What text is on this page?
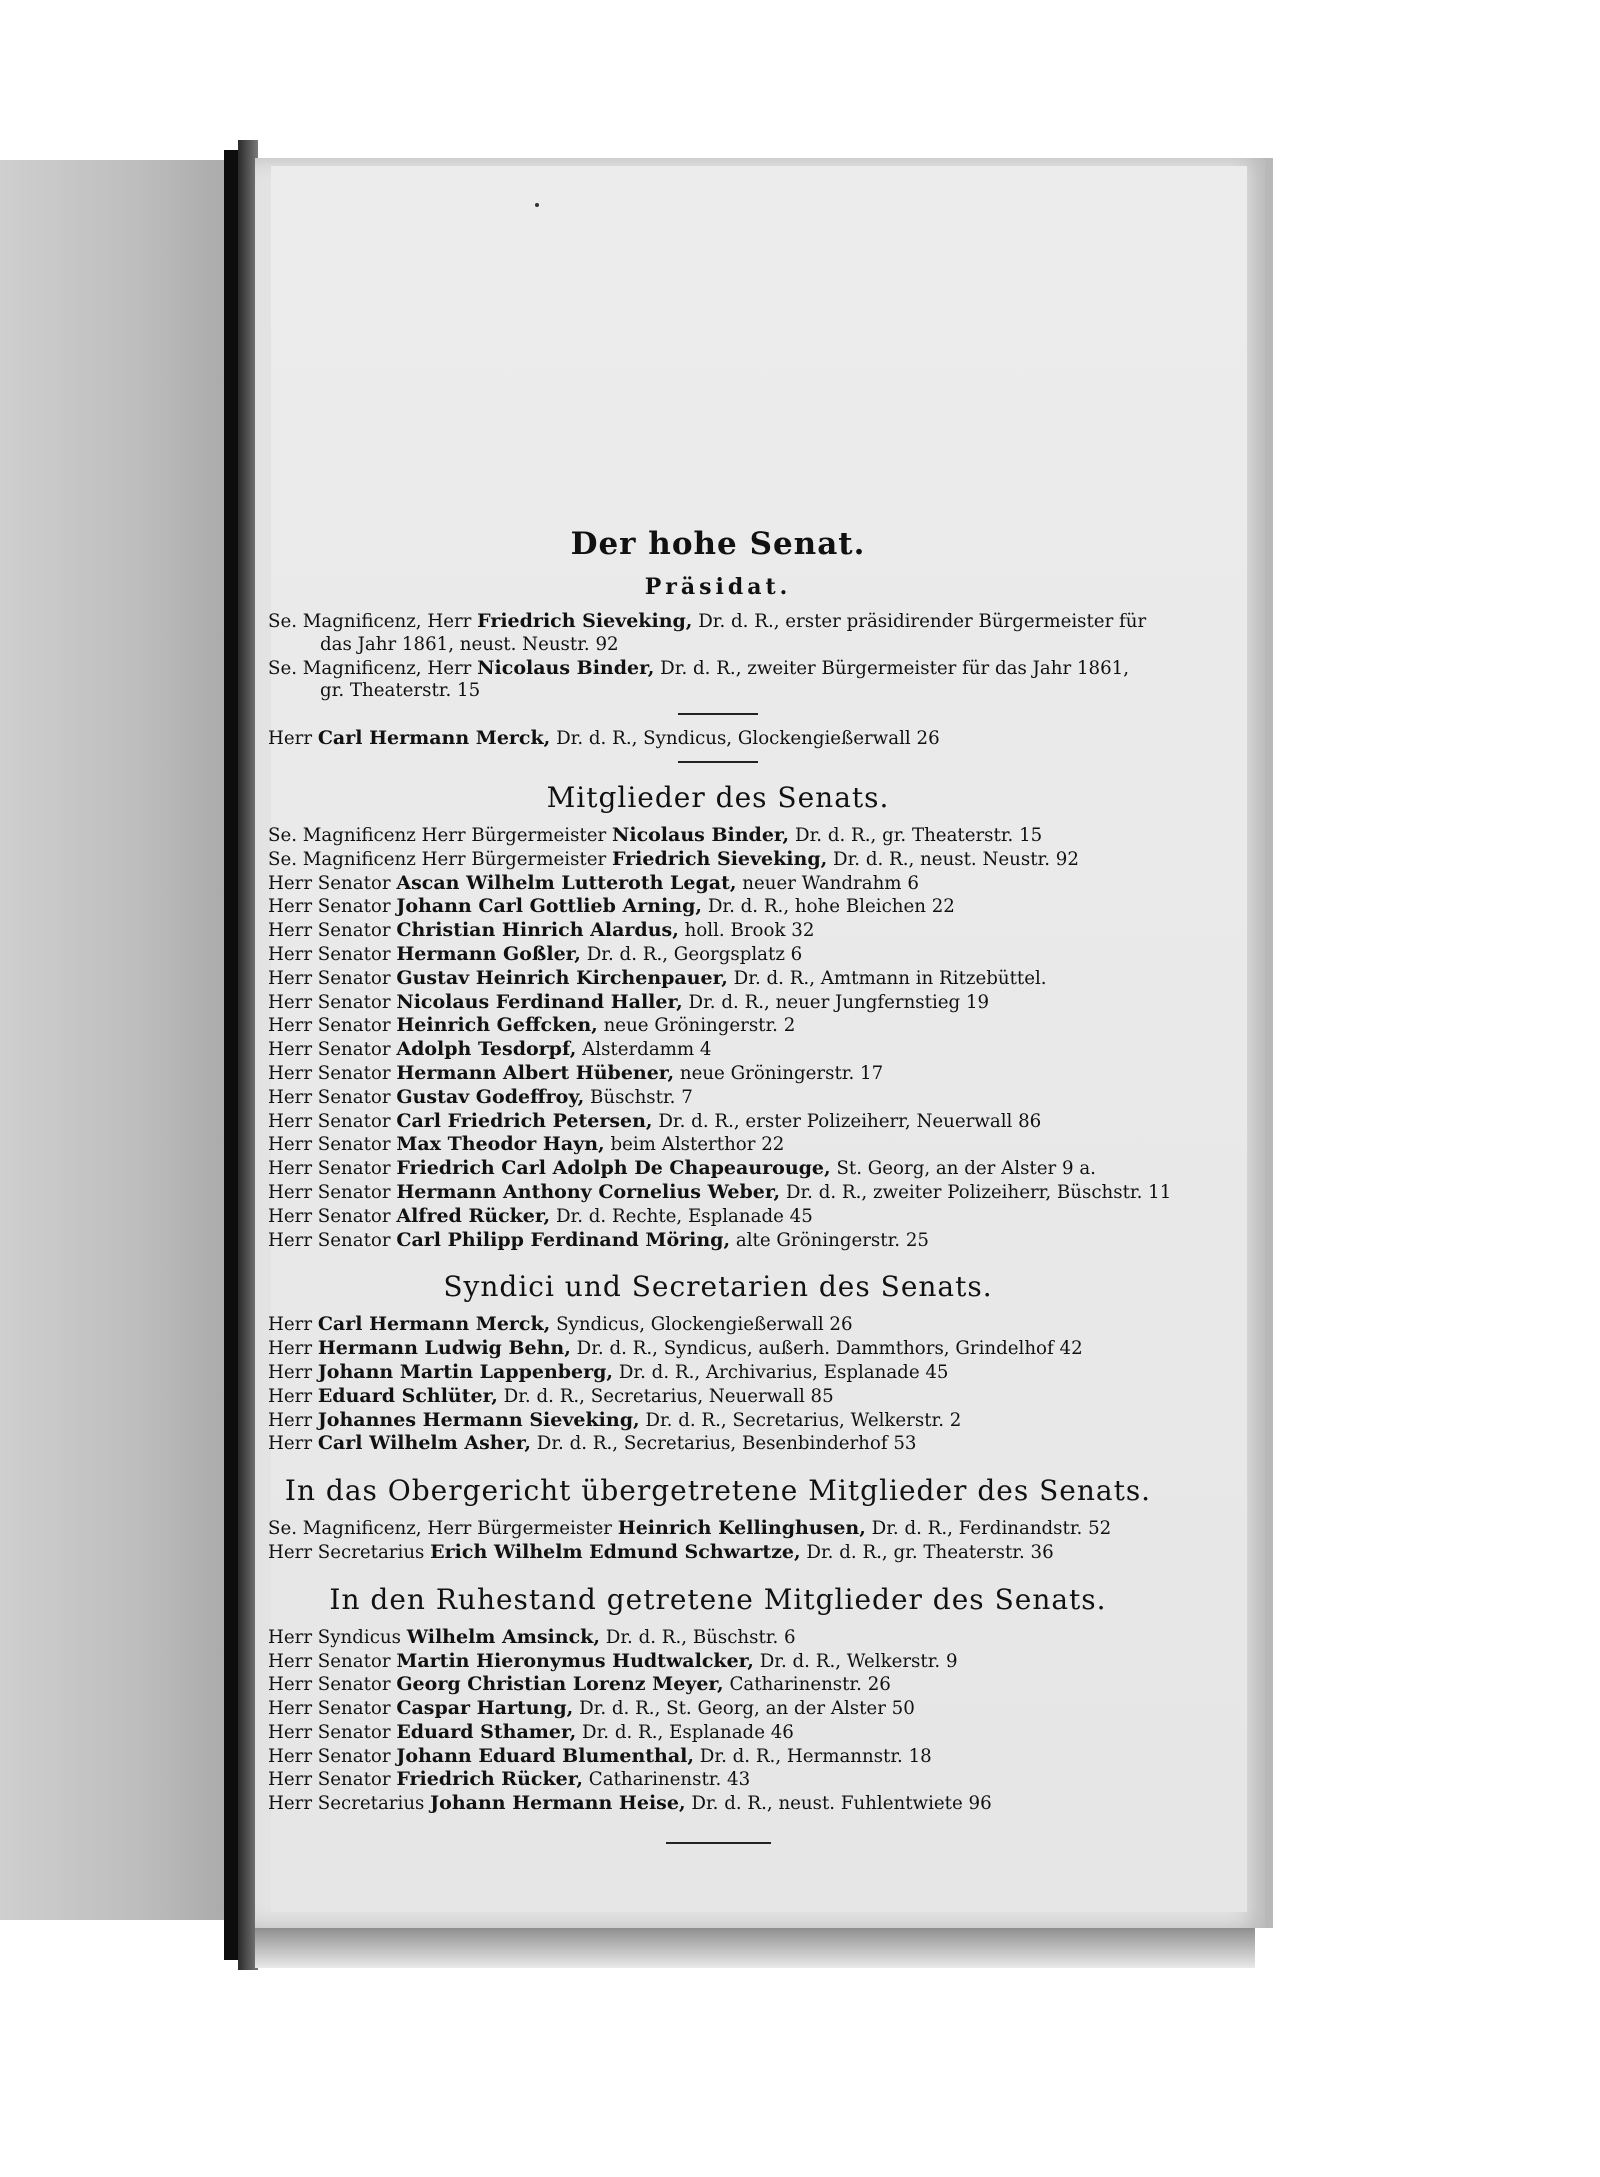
Der hohe Senat.
Präsidat.
Se. Magnificenz, Herr Friedrich Sieveking, Dr. d. R., erster präsidirender Bürgermeister für
das Jahr 1861, neust. Neustr. 92
Se. Magnificenz, Herr Nicolaus Binder, Dr. d. R., zweiter Bürgermeister für das Jahr 1861,
gr. Theaterstr. 15
Herr Carl Hermann Merck, Dr. d. R., Syndicus, Glockengießerwall 26
Mitglieder des Senats.
Se. Magnificenz Herr Bürgermeister Nicolaus Binder, Dr. d. R., gr. Theaterstr. 15
Se. Magnificenz Herr Bürgermeister Friedrich Sieveking, Dr. d. R., neust. Neustr. 92
Herr Senator Ascan Wilhelm Lutteroth Legat, neuer Wandrahm 6
Herr Senator Johann Carl Gottlieb Arning, Dr. d. R., hohe Bleichen 22
Herr Senator Christian Hinrich Alardus, holl. Brook 32
Herr Senator Hermann Goßler, Dr. d. R., Georgsplatz 6
Herr Senator Gustav Heinrich Kirchenpauer, Dr. d. R., Amtmann in Ritzebüttel.
Herr Senator Nicolaus Ferdinand Haller, Dr. d. R., neuer Jungfernstieg 19
Herr Senator Heinrich Geffcken, neue Gröningerstr. 2
Herr Senator Adolph Tesdorpf, Alsterdamm 4
Herr Senator Hermann Albert Hübener, neue Gröningerstr. 17
Herr Senator Gustav Godeffroy, Büschstr. 7
Herr Senator Carl Friedrich Petersen, Dr. d. R., erster Polizeiherr, Neuerwall 86
Herr Senator Max Theodor Hayn, beim Alsterthor 22
Herr Senator Friedrich Carl Adolph De Chapeaurouge, St. Georg, an der Alster 9 a.
Herr Senator Hermann Anthony Cornelius Weber, Dr. d. R., zweiter Polizeiherr, Büschstr. 11
Herr Senator Alfred Rücker, Dr. d. Rechte, Esplanade 45
Herr Senator Carl Philipp Ferdinand Möring, alte Gröningerstr. 25
Syndici und Secretarien des Senats.
Herr Carl Hermann Merck, Syndicus, Glockengießerwall 26
Herr Hermann Ludwig Behn, Dr. d. R., Syndicus, außerh. Dammthors, Grindelhof 42
Herr Johann Martin Lappenberg, Dr. d. R., Archivarius, Esplanade 45
Herr Eduard Schlüter, Dr. d. R., Secretarius, Neuerwall 85
Herr Johannes Hermann Sieveking, Dr. d. R., Secretarius, Welkerstr. 2
Herr Carl Wilhelm Asher, Dr. d. R., Secretarius, Besenbinderhof 53
In das Obergericht übergetretene Mitglieder des Senats.
Se. Magnificenz, Herr Bürgermeister Heinrich Kellinghusen, Dr. d. R., Ferdinandstr. 52
Herr Secretarius Erich Wilhelm Edmund Schwartze, Dr. d. R., gr. Theaterstr. 36
In den Ruhestand getretene Mitglieder des Senats.
Herr Syndicus Wilhelm Amsinck, Dr. d. R., Büschstr. 6
Herr Senator Martin Hieronymus Hudtwalcker, Dr. d. R., Welkerstr. 9
Herr Senator Georg Christian Lorenz Meyer, Catharinenstr. 26
Herr Senator Caspar Hartung, Dr. d. R., St. Georg, an der Alster 50
Herr Senator Eduard Sthamer, Dr. d. R., Esplanade 46
Herr Senator Johann Eduard Blumenthal, Dr. d. R., Hermannstr. 18
Herr Senator Friedrich Rücker, Catharinenstr. 43
Herr Secretarius Johann Hermann Heise, Dr. d. R., neust. Fuhlentwiete 96
